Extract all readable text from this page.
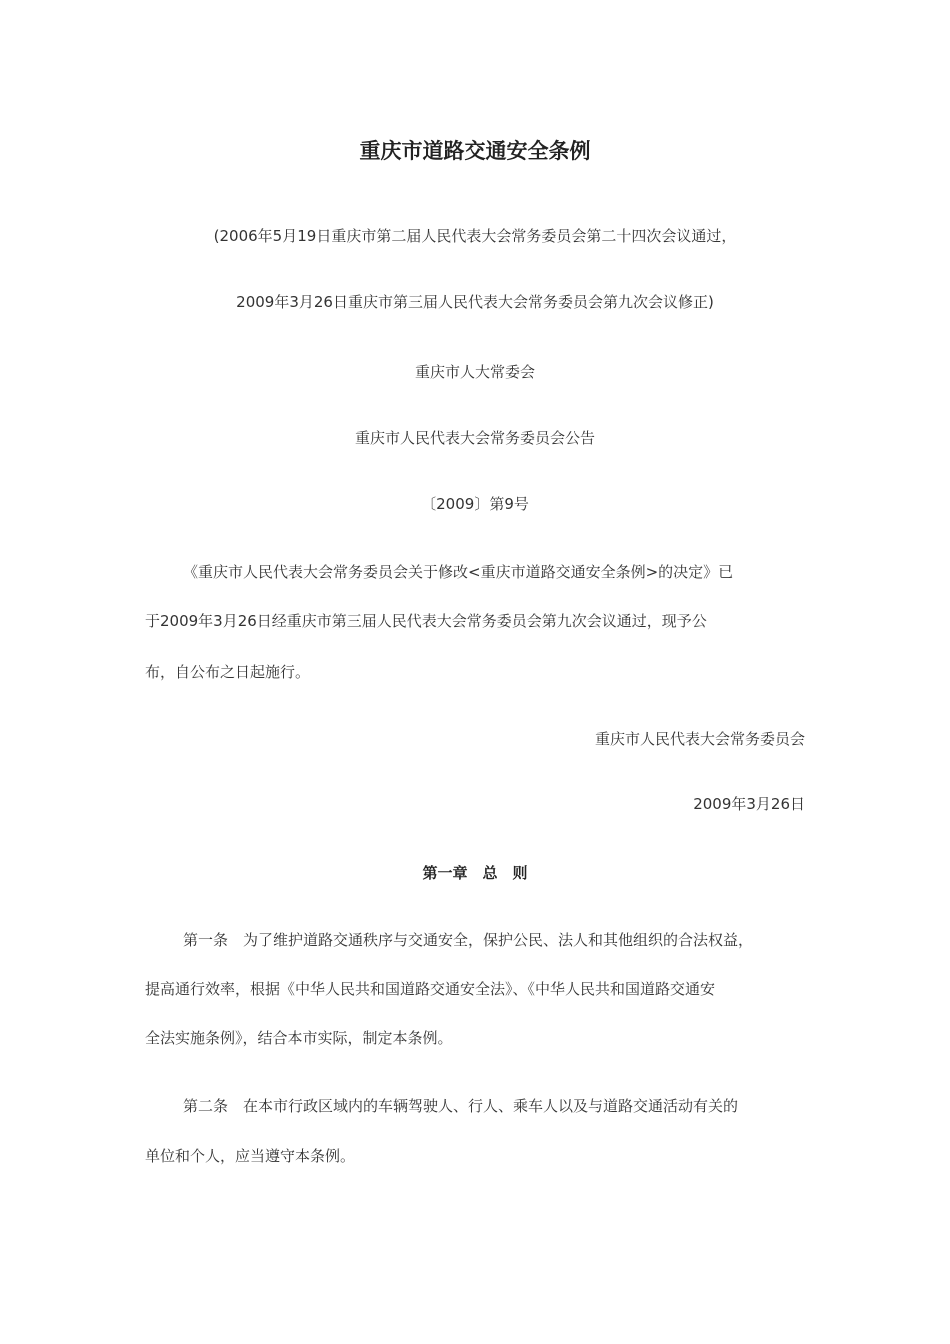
重庆市道路交通安全条例
(2006年5月19日重庆市第二届人民代表大会常务委员会第二十四次会议通过，
2009年3月26日重庆市第三届人民代表大会常务委员会第九次会议修正)
重庆市人大常委会
重庆市人民代表大会常务委员会公告
〔2009〕第9号
《重庆市人民代表大会常务委员会关于修改<重庆市道路交通安全条例>的决定》已
于2009年3月26日经重庆市第三届人民代表大会常务委员会第九次会议通过，现予公
布，自公布之日起施行。
重庆市人民代表大会常务委员会
2009年3月26日
第一章　总　则
第一条　为了维护道路交通秩序与交通安全，保护公民、法人和其他组织的合法权益，
提高通行效率，根据《中华人民共和国道路交通安全法》、《中华人民共和国道路交通安
全法实施条例》，结合本市实际，制定本条例。
第二条　在本市行政区域内的车辆驾驶人、行人、乘车人以及与道路交通活动有关的
单位和个人，应当遵守本条例。
